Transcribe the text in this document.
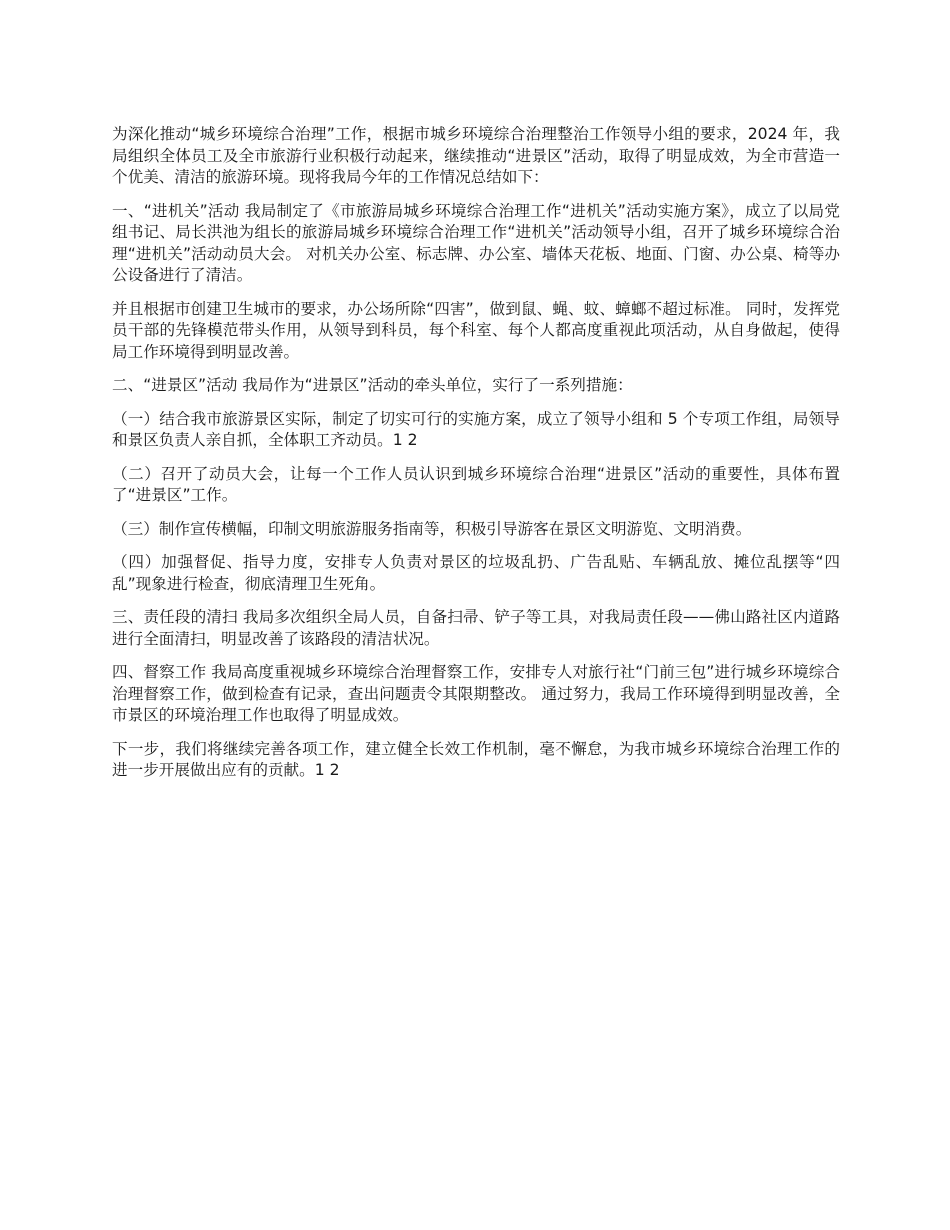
为深化推动“城乡环境综合治理”工作，根据市城乡环境综合治理整治工作领导小组的要求，2024 年，我局组织全体员工及全市旅游行业积极行动起来，继续推动“进景区”活动，取得了明显成效，为全市营造一个优美、清洁的旅游环境。现将我局今年的工作情况总结如下：

一、“进机关”活动 我局制定了《市旅游局城乡环境综合治理工作“进机关”活动实施方案》，成立了以局党组书记、局长洪池为组长的旅游局城乡环境综合治理工作“进机关”活动领导小组，召开了城乡环境综合治理“进机关”活动动员大会。 对机关办公室、标志牌、办公室、墙体天花板、地面、门窗、办公桌、椅等办公设备进行了清洁。

并且根据市创建卫生城市的要求，办公场所除“四害”，做到鼠、蝇、蚊、蟑螂不超过标准。 同时，发挥党员干部的先锋模范带头作用，从领导到科员，每个科室、每个人都高度重视此项活动，从自身做起，使得局工作环境得到明显改善。

二、“进景区”活动 我局作为“进景区”活动的牵头单位，实行了一系列措施：

（一）结合我市旅游景区实际，制定了切实可行的实施方案，成立了领导小组和 5 个专项工作组，局领导和景区负责人亲自抓，全体职工齐动员。1 2

（二）召开了动员大会，让每一个工作人员认识到城乡环境综合治理“进景区”活动的重要性，具体布置了“进景区”工作。

（三）制作宣传横幅，印制文明旅游服务指南等，积极引导游客在景区文明游览、文明消费。

（四）加强督促、指导力度，安排专人负责对景区的垃圾乱扔、广告乱贴、车辆乱放、摊位乱摆等“四乱”现象进行检查，彻底清理卫生死角。

三、责任段的清扫 我局多次组织全局人员，自备扫帚、铲子等工具，对我局责任段——佛山路社区内道路进行全面清扫，明显改善了该路段的清洁状况。

四、督察工作 我局高度重视城乡环境综合治理督察工作，安排专人对旅行社“门前三包”进行城乡环境综合治理督察工作，做到检查有记录，查出问题责令其限期整改。 通过努力，我局工作环境得到明显改善，全市景区的环境治理工作也取得了明显成效。

下一步，我们将继续完善各项工作，建立健全长效工作机制，毫不懈怠，为我市城乡环境综合治理工作的进一步开展做出应有的贡献。1 2
